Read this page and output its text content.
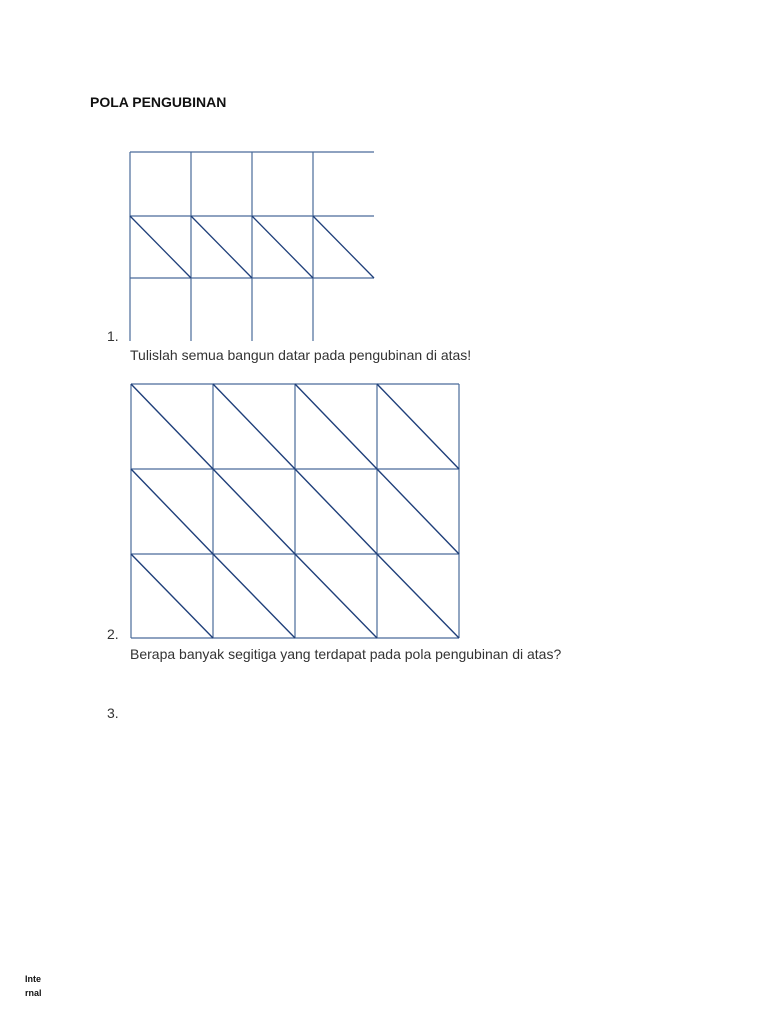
POLA PENGUBINAN
1.
Tulislah semua bangun datar pada pengubinan di atas!
2.
Berapa banyak segitiga yang terdapat pada pola pengubinan di atas?
3.
Inte
rnal
